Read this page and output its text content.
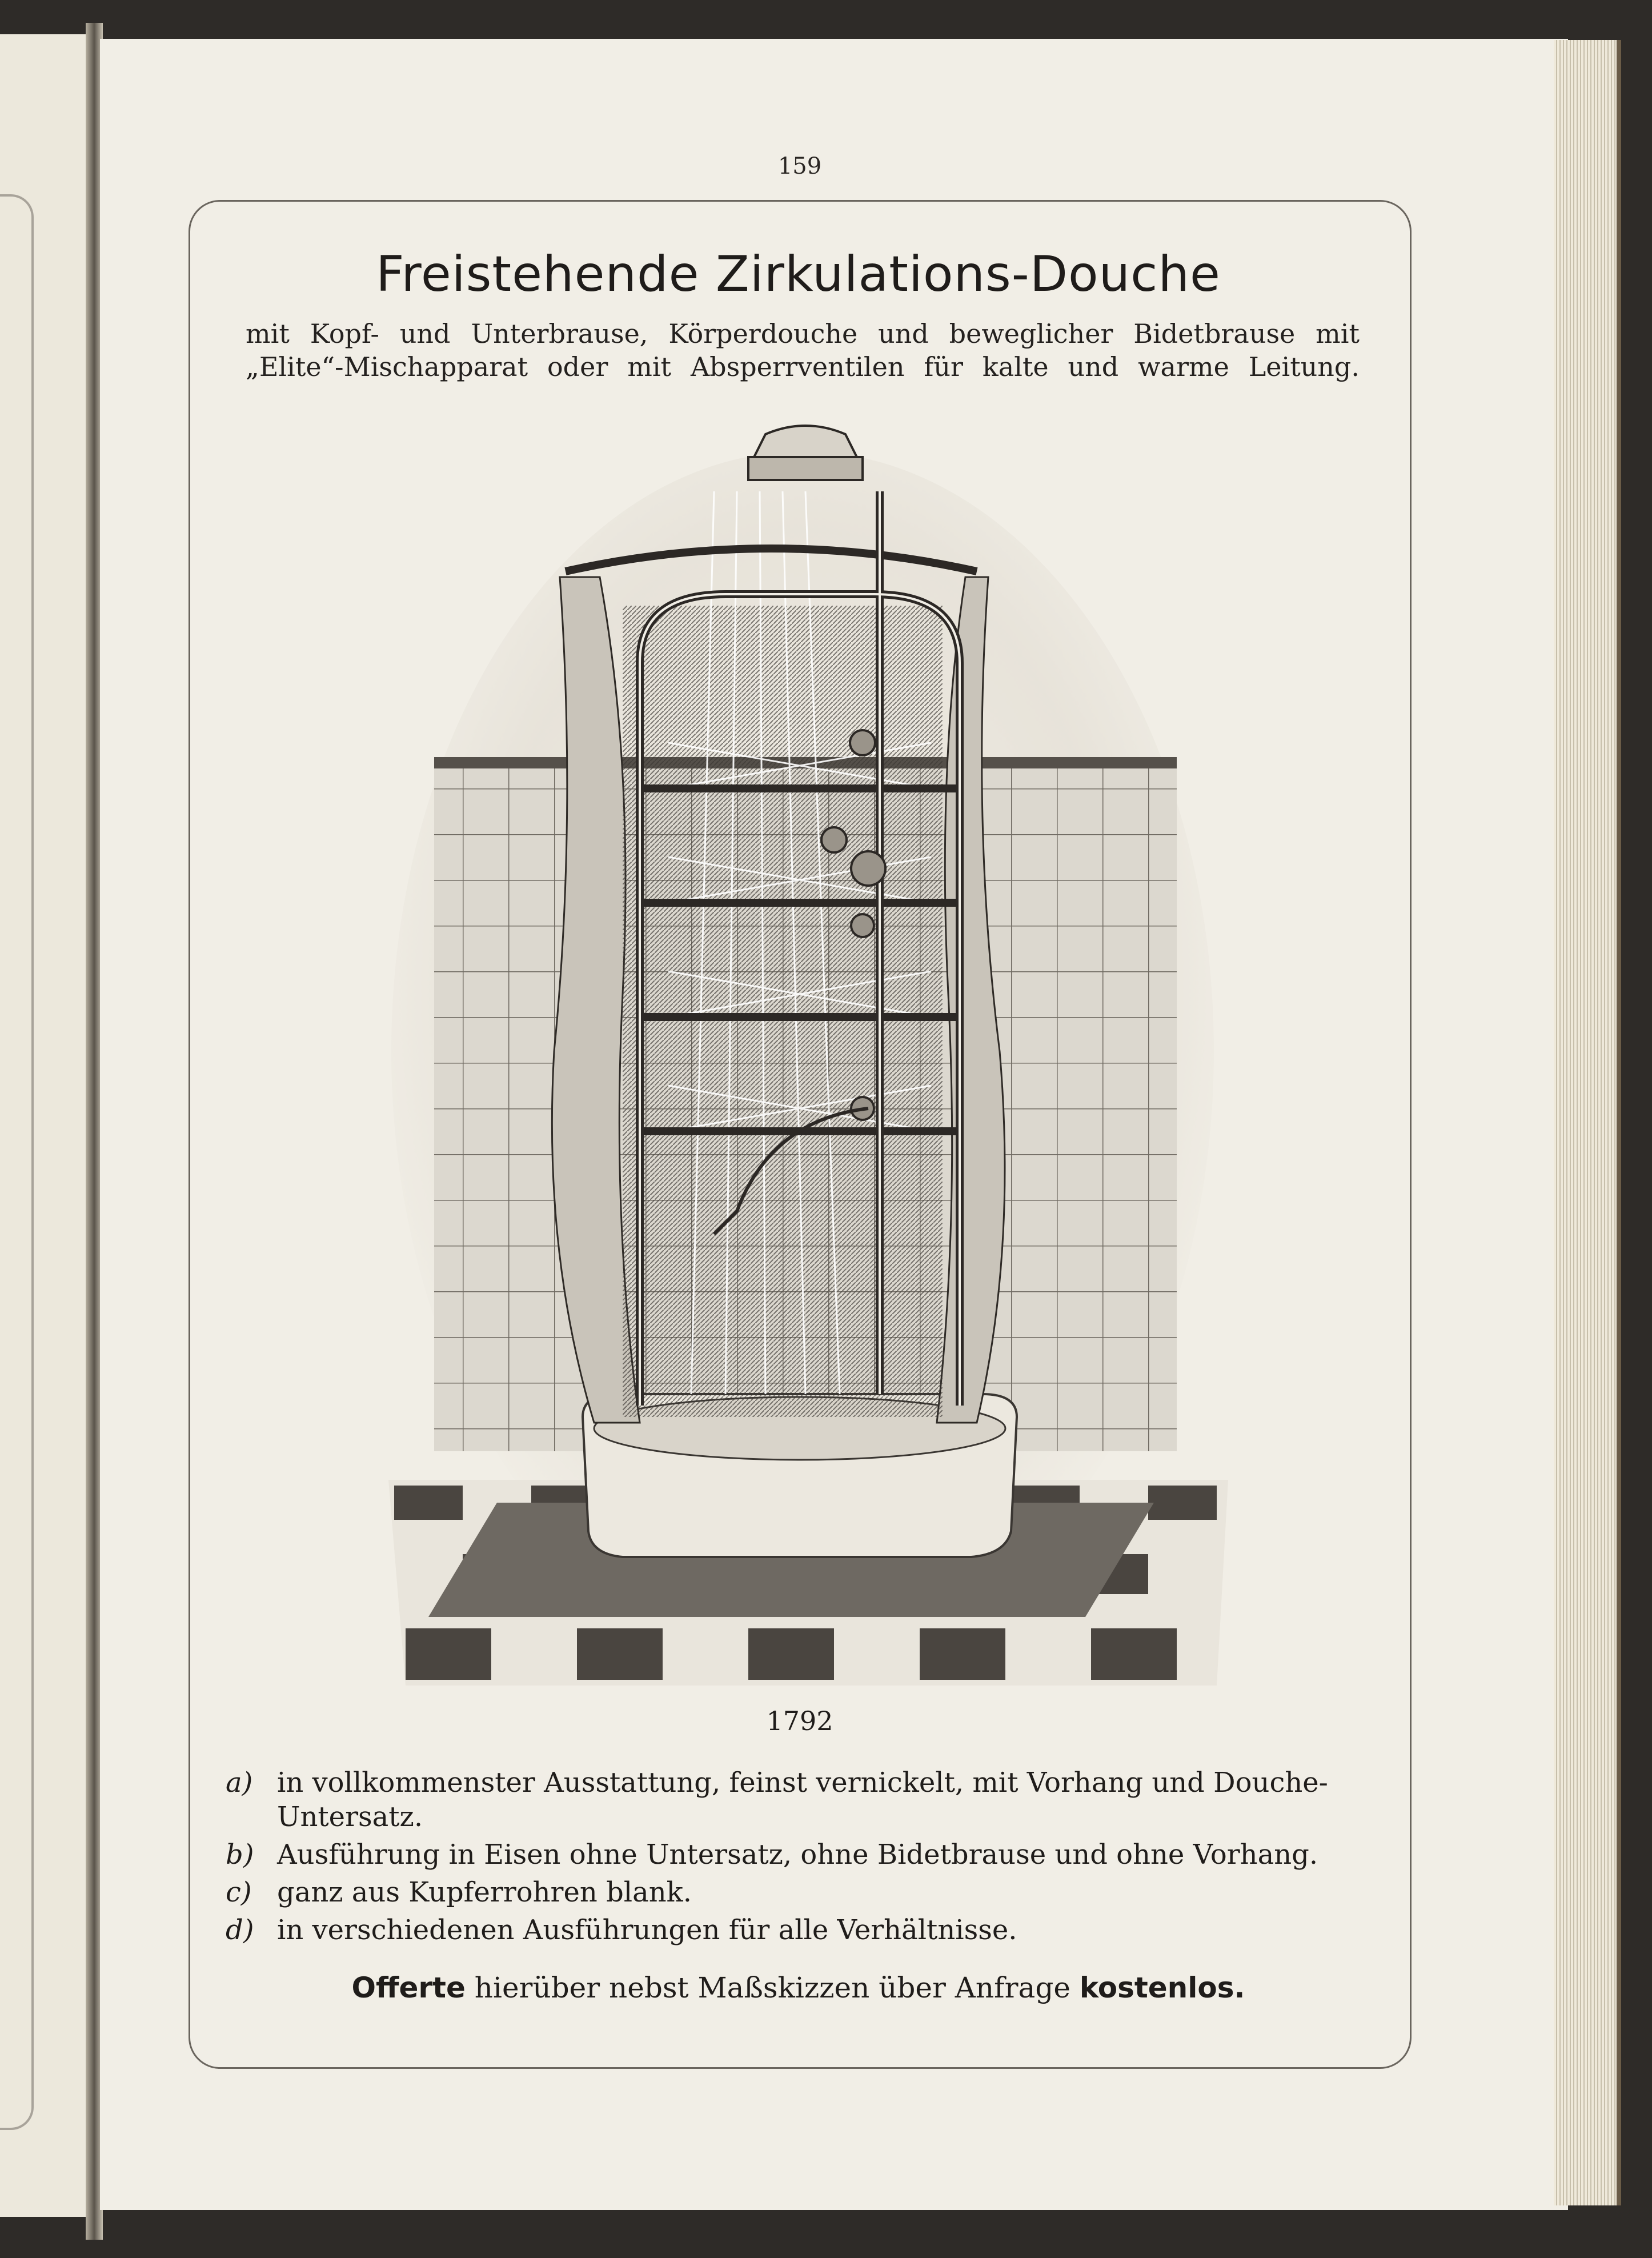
159
Freistehende Zirkulations-Douche
mit Kopf- und Unterbrause, Körperdouche und beweglicher Bidetbrause mit „Elite“-Mischapparat oder mit Absperrventilen für kalte und warme Leitung.
1792
a) in vollkommenster Ausstattung, feinst vernickelt, mit Vorhang und Douche-Untersatz.
b) Ausführung in Eisen ohne Untersatz, ohne Bidetbrause und ohne Vorhang.
c) ganz aus Kupferrohren blank.
d) in verschiedenen Ausführungen für alle Verhältnisse.
Offerte hierüber nebst Maßskizzen über Anfrage kostenlos.
